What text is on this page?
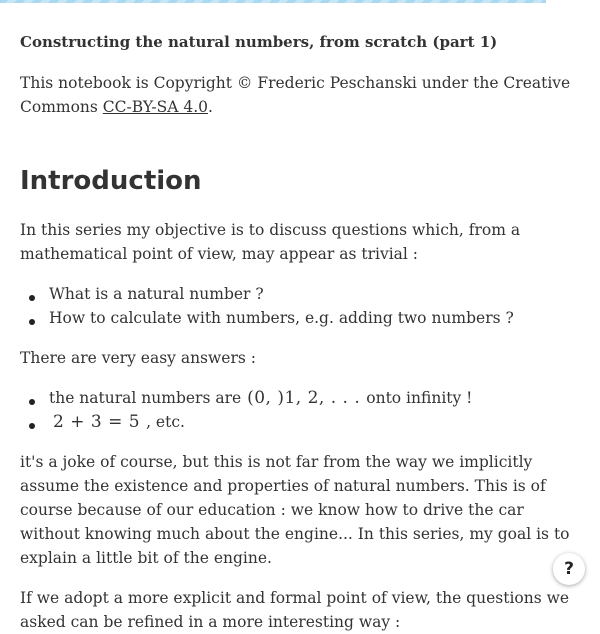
Constructing the natural numbers, from scratch (part 1)

This notebook is Copyright © Frederic Peschanski under the Creative Commons CC-BY-SA 4.0.

Introduction

In this series my objective is to discuss questions which, from a mathematical point of view, may appear as trivial :

What is a natural number ?
How to calculate with numbers, e.g. adding two numbers ?

There are very easy answers :

the natural numbers are (0, )1, 2, . . . onto infinity !
2 + 3 = 5 , etc.

it's a joke of course, but this is not far from the way we implicitly assume the existence and properties of natural numbers. This is of course because of our education : we know how to drive the car without knowing much about the engine... In this series, my goal is to explain a little bit of the engine.

If we adopt a more explicit and formal point of view, the questions we asked can be refined in a more interesting way :

?
